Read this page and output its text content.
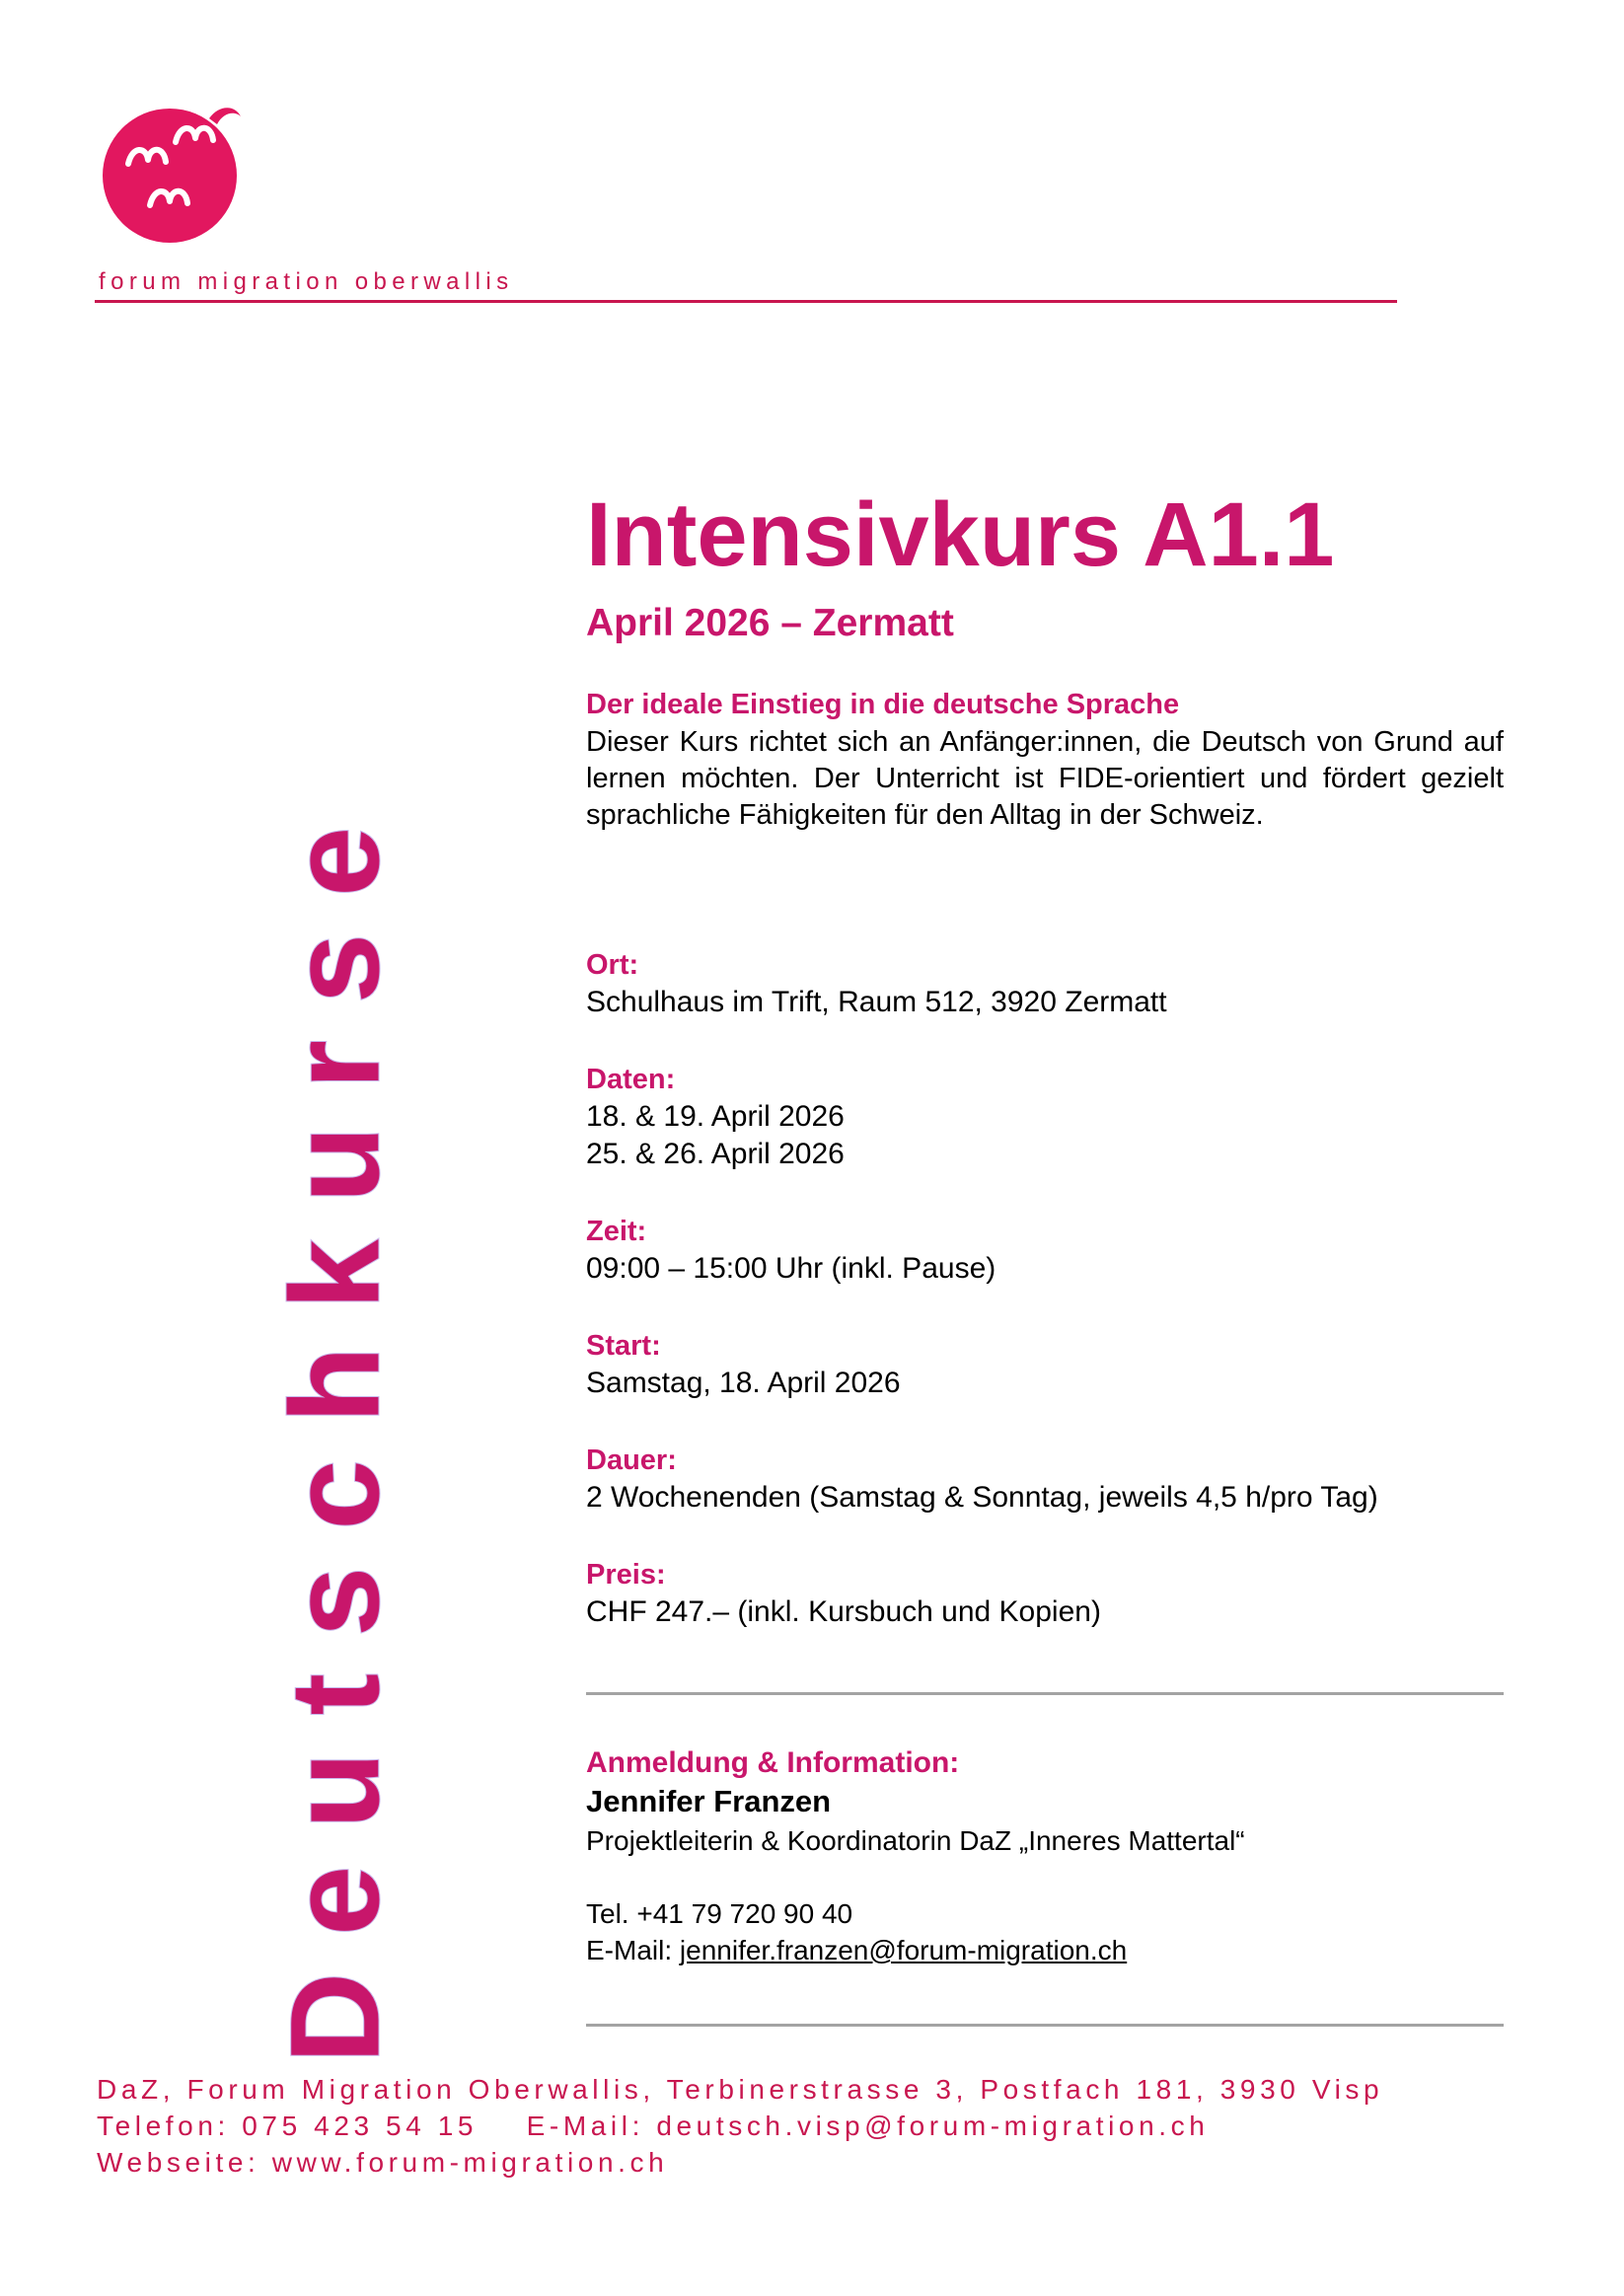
forum migration oberwallis
Deutschkurse
Intensivkurs A1.1
April 2026 – Zermatt
Der ideale Einstieg in die deutsche Sprache
Dieser Kurs richtet sich an Anfänger:innen, die Deutsch von Grund auf lernen möchten. Der Unterricht ist FIDE-orientiert und fördert gezielt sprachliche Fähigkeiten für den Alltag in der Schweiz.
Ort:
Schulhaus im Trift, Raum 512, 3920 Zermatt
Daten:
18. & 19. April 2026
25. & 26. April 2026
Zeit:
09:00 – 15:00 Uhr (inkl. Pause)
Start:
Samstag, 18. April 2026
Dauer:
2 Wochenenden (Samstag & Sonntag, jeweils 4,5 h/pro Tag)
Preis:
CHF 247.– (inkl. Kursbuch und Kopien)
Anmeldung & Information:
Jennifer Franzen
Projektleiterin & Koordinatorin DaZ „Inneres Mattertal“
Tel. +41 79 720 90 40
E-Mail: jennifer.franzen@forum-migration.ch
DaZ, Forum Migration Oberwallis, Terbinerstrasse 3, Postfach 181, 3930 Visp
Telefon: 075 423 54 15    E-Mail: deutsch.visp@forum-migration.ch
Webseite: www.forum-migration.ch
